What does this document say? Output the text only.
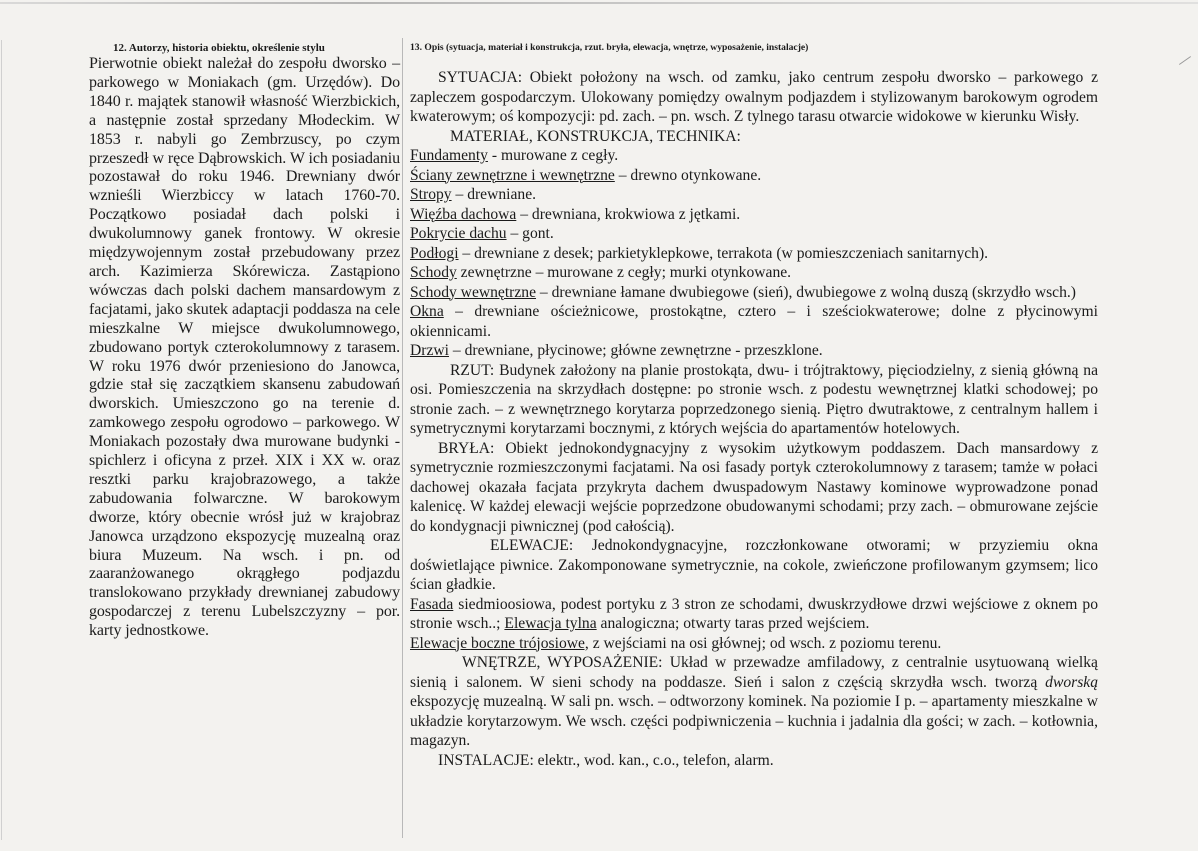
12. Autorzy, historia obiektu, określenie stylu	13. Opis (sytuacja, materiał i konstrukcja, rzut. bryła, elewacja, wnętrze, wyposażenie, instalacje)
Pierwotnie obiekt należał do zespołu dworsko – parkowego w Moniakach (gm. Urzędów). Do 1840 r. majątek stanowił własność Wierzbickich, a następnie został sprzedany Młodeckim. W 1853 r. nabyli go Zembrzuscy, po czym przeszedł w ręce Dąbrowskich. W ich posiadaniu pozostawał do roku 1946. Drewniany dwór wznieśli Wierzbiccy w latach 1760-70. Początkowo posiadał dach polski i dwukolumnowy ganek frontowy. W okresie międzywojennym został przebudowany przez arch. Kazimierza Skórewicza. Zastąpiono wówczas dach polski dachem mansardowym z facjatami, jako skutek adaptacji poddasza na cele mieszkalne W miejsce dwukolumnowego, zbudowano portyk czterokolumnowy z tarasem. W roku 1976 dwór przeniesiono do Janowca, gdzie stał się zaczątkiem skansenu zabudowań dworskich. Umieszczono go na terenie d. zamkowego zespołu ogrodowo – parkowego. W Moniakach pozostały dwa murowane budynki - spichlerz i oficyna z przeł. XIX i XX w. oraz resztki parku krajobrazowego, a także zabudowania folwarczne. W barokowym dworze, który obecnie wrósł już w krajobraz Janowca urządzono ekspozycję muzealną oraz biura Muzeum. Na wsch. i pn. od zaaranżowanego okrągłego podjazdu translokowano przykłady drewnianej zabudowy gospodarczej z terenu Lubelszczyzny – por. karty jednostkowe.

SYTUACJA: Obiekt położony na wsch. od zamku, jako centrum zespołu dworsko – parkowego z zapleczem gospodarczym. Ulokowany pomiędzy owalnym podjazdem i stylizowanym barokowym ogrodem kwaterowym; oś kompozycji: pd. zach. – pn. wsch. Z tylnego tarasu otwarcie widokowe w kierunku Wisły.

MATERIAŁ, KONSTRUKCJA, TECHNIKA:

Fundamenty - murowane z cegły.

Ściany zewnętrzne i wewnętrzne – drewno otynkowane.

Stropy – drewniane.

Więźba dachowa – drewniana, krokwiowa z jętkami.

Pokrycie dachu – gont.

Podłogi – drewniane z desek; parkietyklepkowe, terrakota (w pomieszczeniach sanitarnych).

Schody zewnętrzne – murowane z cegły; murki otynkowane.

Schody wewnętrzne – drewniane łamane dwubiegowe (sień), dwubiegowe z wolną duszą (skrzydło wsch.)

Okna – drewniane ościeżnicowe, prostokątne, cztero – i sześciokwaterowe; dolne z płycinowymi okiennicami.

Drzwi – drewniane, płycinowe; główne zewnętrzne - przeszklone.

RZUT: Budynek założony na planie prostokąta, dwu- i trójtraktowy, pięciodzielny, z sienią główną na osi. Pomieszczenia na skrzydłach dostępne: po stronie wsch. z podestu wewnętrznej klatki schodowej; po stronie zach. – z wewnętrznego korytarza poprzedzonego sienią. Piętro dwutraktowe, z centralnym hallem i symetrycznymi korytarzami bocznymi, z których wejścia do apartamentów hotelowych.

BRYŁA: Obiekt jednokondygnacyjny z wysokim użytkowym poddaszem. Dach mansardowy z symetrycznie rozmieszczonymi facjatami. Na osi fasady portyk czterokolumnowy z tarasem; tamże w połaci dachowej okazała facjata przykryta dachem dwuspadowym Nastawy kominowe wyprowadzone ponad kalenicę. W każdej elewacji wejście poprzedzone obudowanymi schodami; przy zach. – obmurowane zejście do kondygnacji piwnicznej (pod całością).

ELEWACJE: Jednokondygnacyjne, rozczłonkowane otworami; w przyziemiu okna doświetlające piwnice. Zakomponowane symetrycznie, na cokole, zwieńczone profilowanym gzymsem; lico ścian gładkie.

Fasada siedmioosiowa, podest portyku z 3 stron ze schodami, dwuskrzydłowe drzwi wejściowe z oknem po stronie wsch..; Elewacja tylna analogiczna; otwarty taras przed wejściem.

Elewacje boczne trójosiowe, z wejściami na osi głównej; od wsch. z poziomu terenu.

WNĘTRZE, WYPOSAŻENIE: Układ w przewadze amfiladowy, z centralnie usytuowaną wielką sienią i salonem. W sieni schody na poddasze. Sień i salon z częścią skrzydła wsch. tworzą dworską ekspozycję muzealną. W sali pn. wsch. – odtworzony kominek. Na poziomie I p. – apartamenty mieszkalne w układzie korytarzowym. We wsch. części podpiwniczenia – kuchnia i jadalnia dla gości; w zach. – kotłownia, magazyn.

INSTALACJE: elektr., wod. kan., c.o., telefon, alarm.
